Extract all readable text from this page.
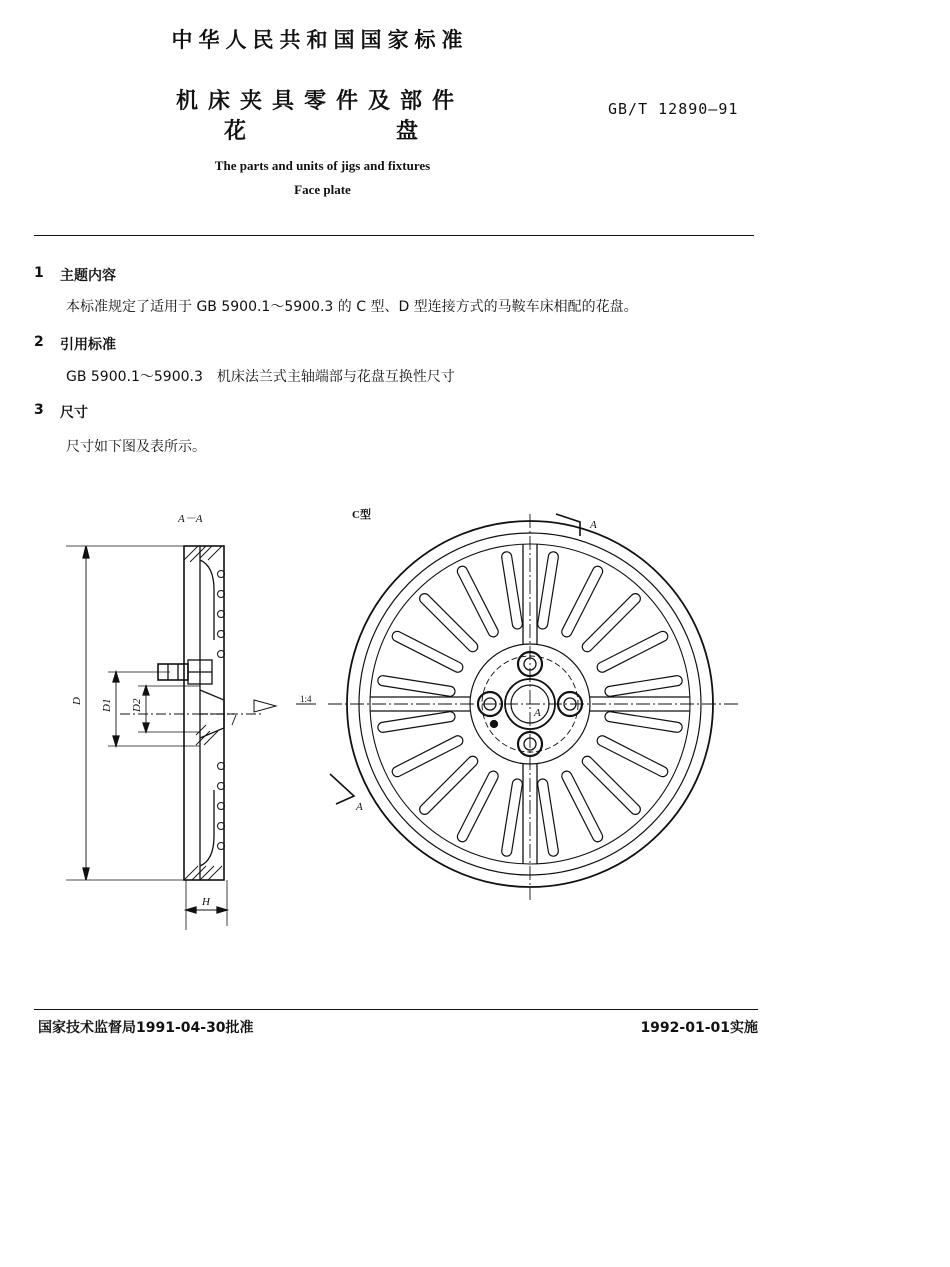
中华人民共和国国家标准
机床夹具零件及部件
花	盘
GB/T 12890—91
The parts and units of jigs and fixtures
Face plate
1 主题内容
本标准规定了适用于 GB 5900.1～5900.3 的 C 型、D 型连接方式的马鞍车床相配的花盘。
2 引用标准
GB 5900.1～5900.3　机床法兰式主轴端部与花盘互换性尺寸
3 尺寸
尺寸如下图及表所示。
A－A	C型
A
A
1:4
A
D D1 D2
H
国家技术监督局1991-04-30批准	1992-01-01实施
